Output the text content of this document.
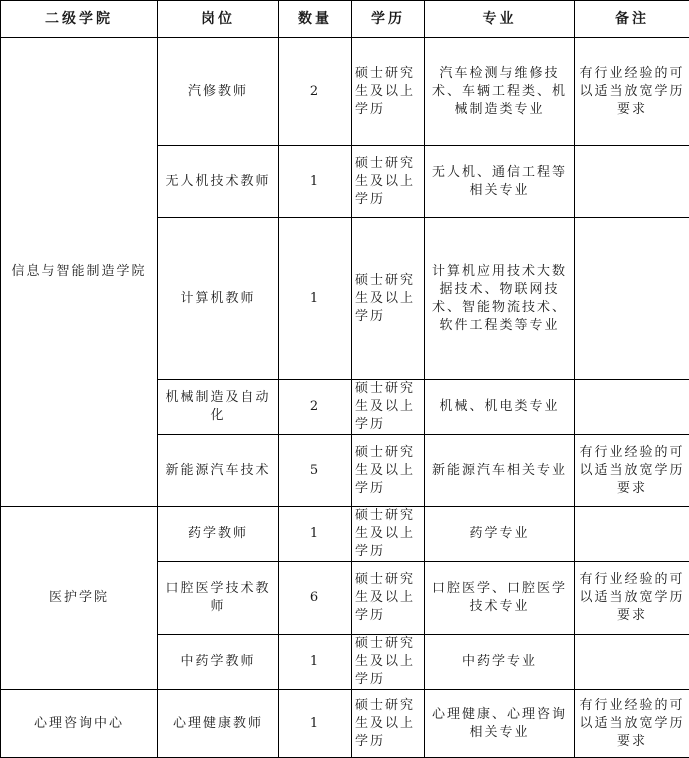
二级学院	岗位	数量	学历	专业	备注
信息与智能制造学院	汽修教师	2	硕士研究生及以上学历	汽车检测与维修技术、车辆工程类、机械制造类专业	有行业经验的可以适当放宽学历要求
	无人机技术教师	1	硕士研究生及以上学历	无人机、通信工程等相关专业	
	计算机教师	1	硕士研究生及以上学历	计算机应用技术大数据技术、物联网技术、智能物流技术、软件工程类等专业	
	机械制造及自动化	2	硕士研究生及以上学历	机械、机电类专业	
	新能源汽车技术	5	硕士研究生及以上学历	新能源汽车相关专业	有行业经验的可以适当放宽学历要求
医护学院	药学教师	1	硕士研究生及以上学历	药学专业	
	口腔医学技术教师	6	硕士研究生及以上学历	口腔医学、口腔医学技术专业	有行业经验的可以适当放宽学历要求
	中药学教师	1	硕士研究生及以上学历	中药学专业	
心理咨询中心	心理健康教师	1	硕士研究生及以上学历	心理健康、心理咨询相关专业	有行业经验的可以适当放宽学历要求
